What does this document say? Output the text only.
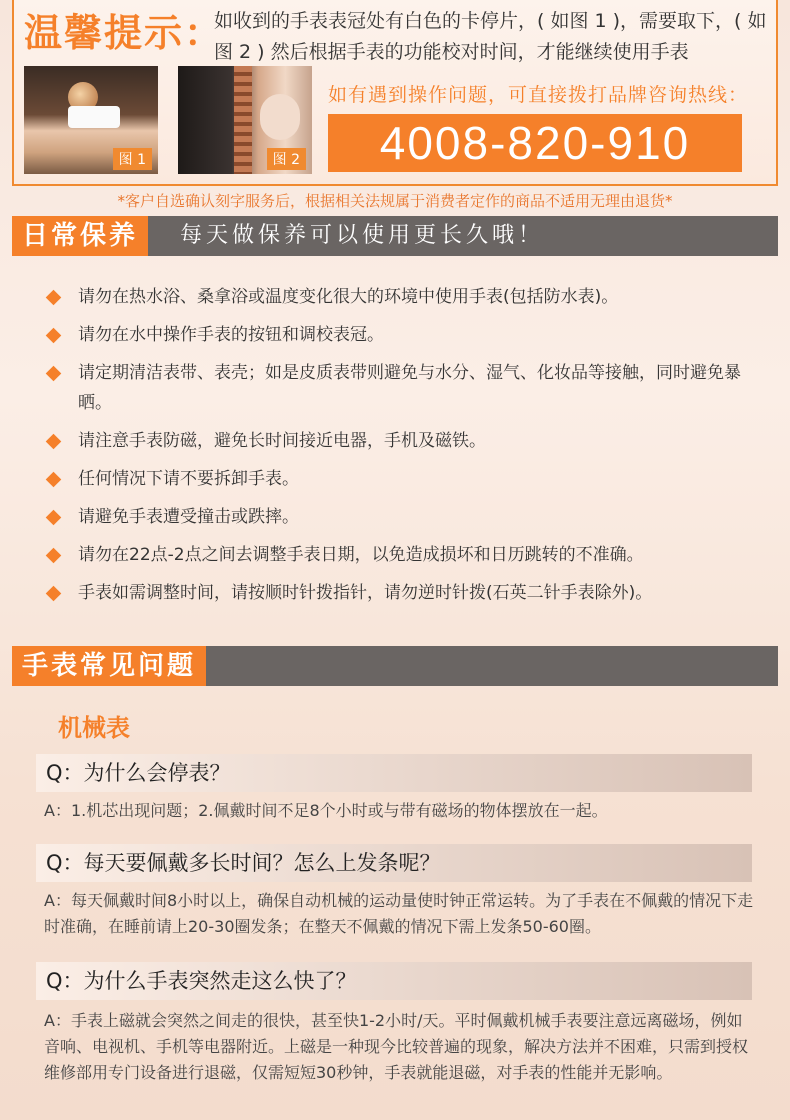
温馨提示：
如收到的手表表冠处有白色的卡停片，( 如图 1 )，需要取下，( 如图 2 ) 然后根据手表的功能校对时间，才能继续使用手表
图 1	图 2
如有遇到操作问题，可直接拨打品牌咨询热线：
4008-820-910
*客户自选确认刻字服务后，根据相关法规属于消费者定作的商品不适用无理由退货*
每天做保养可以使用更长久哦！
日常保养
请勿在热水浴、桑拿浴或温度变化很大的环境中使用手表(包括防水表)。
请勿在水中操作手表的按钮和调校表冠。
请定期清洁表带、表壳；如是皮质表带则避免与水分、湿气、化妆品等接触，同时避免暴晒。
请注意手表防磁，避免长时间接近电器，手机及磁铁。
任何情况下请不要拆卸手表。
请避免手表遭受撞击或跌摔。
请勿在22点-2点之间去调整手表日期，以免造成损坏和日历跳转的不准确。
手表如需调整时间，请按顺时针拨指针，请勿逆时针拨(石英二针手表除外)。
手表常见问题
机械表
Q：为什么会停表？
A：1.机芯出现问题；2.佩戴时间不足8个小时或与带有磁场的物体摆放在一起。
Q：每天要佩戴多长时间？怎么上发条呢？
A：每天佩戴时间8小时以上，确保自动机械的运动量使时钟正常运转。为了手表在不佩戴的情况下走时准确，在睡前请上20-30圈发条；在整天不佩戴的情况下需上发条50-60圈。
Q：为什么手表突然走这么快了？
A：手表上磁就会突然之间走的很快，甚至快1-2小时/天。平时佩戴机械手表要注意远离磁场，例如音响、电视机、手机等电器附近。上磁是一种现今比较普遍的现象，解决方法并不困难，只需到授权维修部用专门设备进行退磁，仅需短短30秒钟，手表就能退磁，对手表的性能并无影响。
